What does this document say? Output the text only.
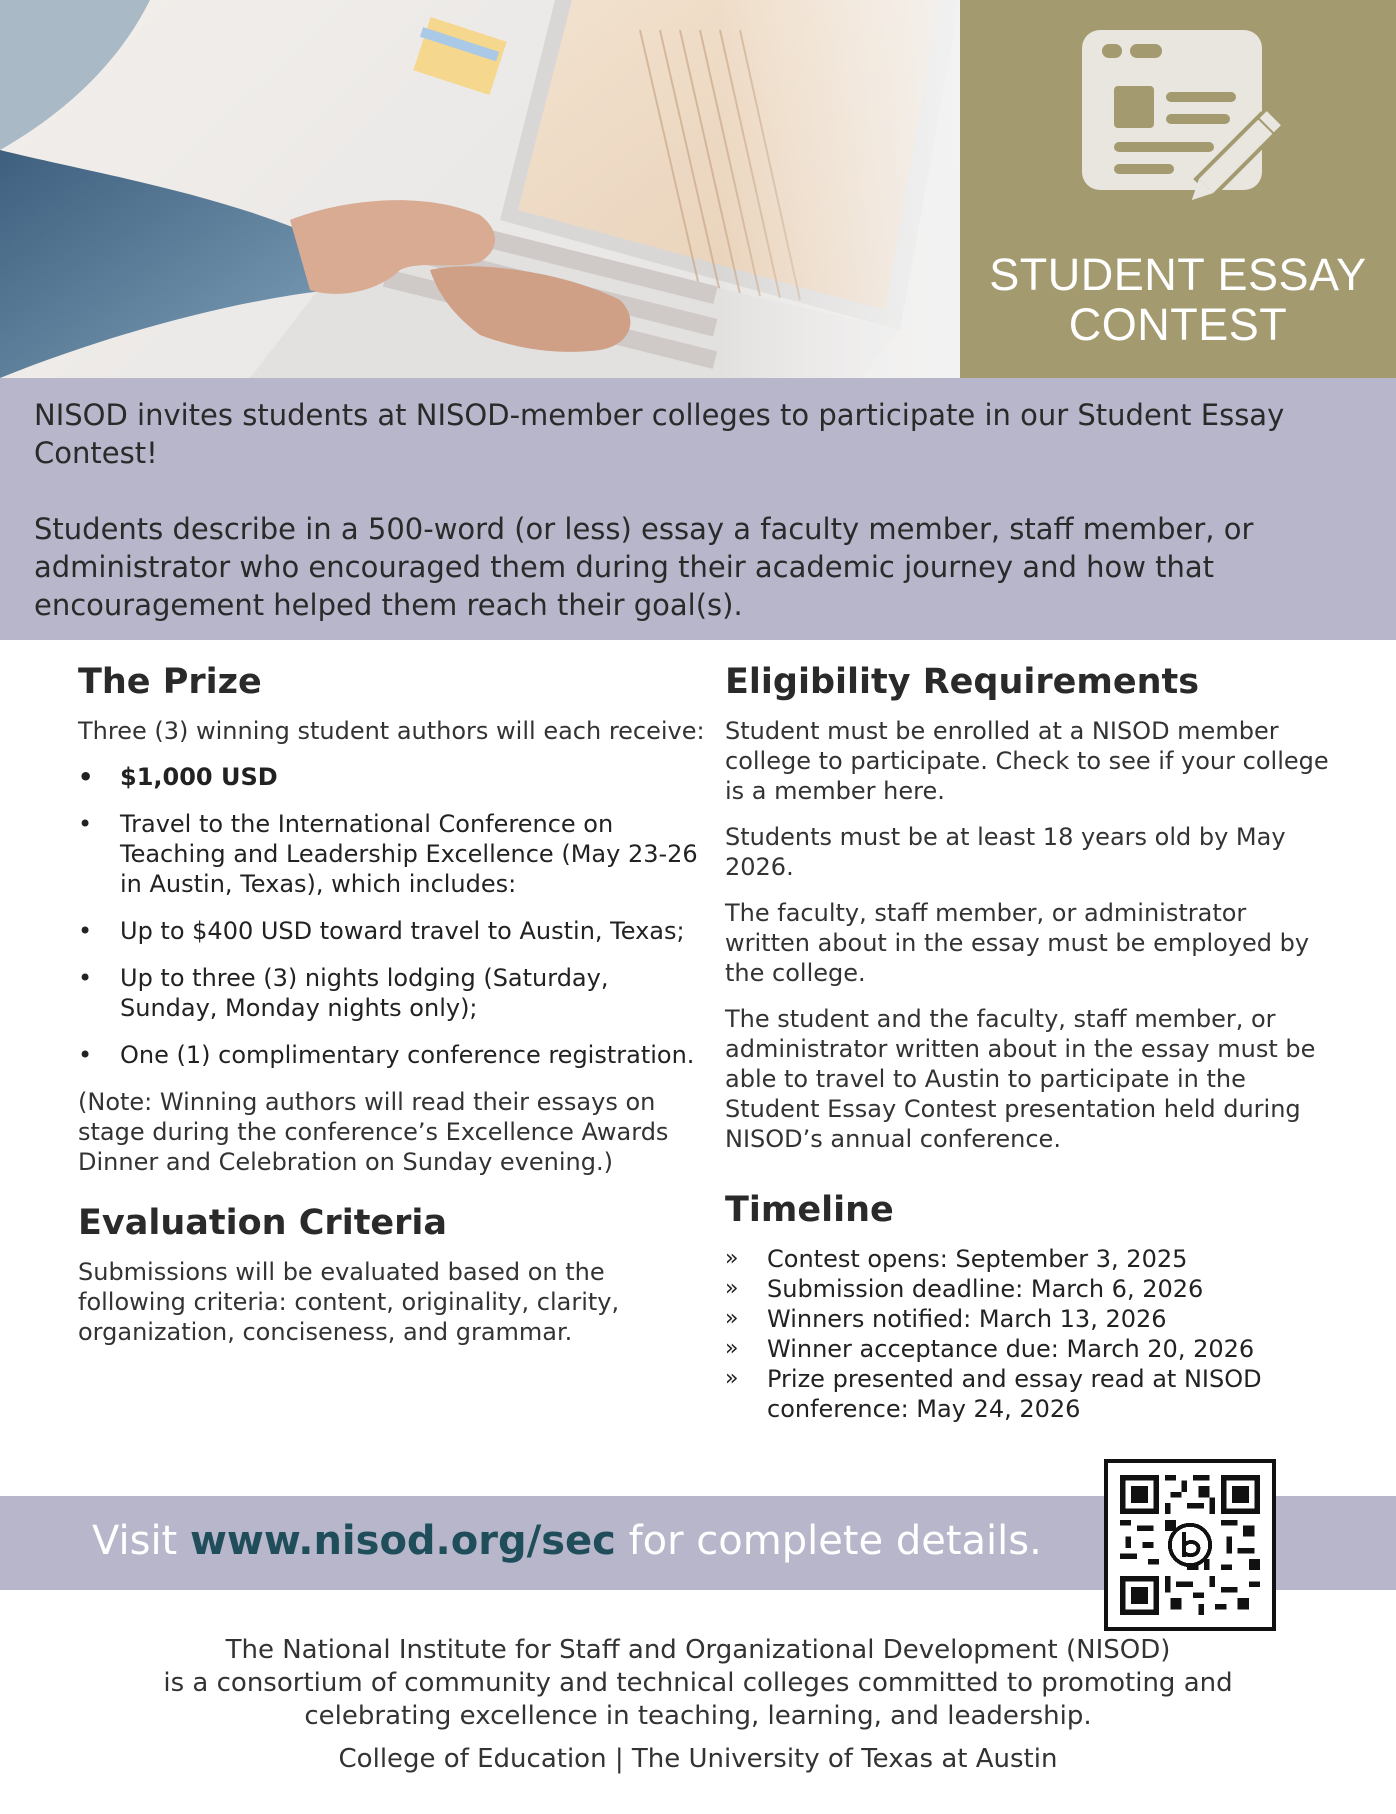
STUDENT ESSAY
CONTEST

NISOD invites students at NISOD-member colleges to participate in our Student Essay Contest!

Students describe in a 500-word (or less) essay a faculty member, staff member, or administrator who encouraged them during their academic journey and how that encouragement helped them reach their goal(s).

The Prize

Three (3) winning student authors will each receive:

• $1,000 USD
• Travel to the International Conference on Teaching and Leadership Excellence (May 23-26 in Austin, Texas), which includes:
• Up to $400 USD toward travel to Austin, Texas;
• Up to three (3) nights lodging (Saturday, Sunday, Monday nights only);
• One (1) complimentary conference registration.

(Note: Winning authors will read their essays on stage during the conference’s Excellence Awards Dinner and Celebration on Sunday evening.)

Evaluation Criteria

Submissions will be evaluated based on the following criteria: content, originality, clarity, organization, conciseness, and grammar.

Eligibility Requirements

Student must be enrolled at a NISOD member college to participate. Check to see if your college is a member here.

Students must be at least 18 years old by May 2026.

The faculty, staff member, or administrator written about in the essay must be employed by the college.

The student and the faculty, staff member, or administrator written about in the essay must be able to travel to Austin to participate in the Student Essay Contest presentation held during NISOD’s annual conference.

Timeline
» Contest opens: September 3, 2025
» Submission deadline: March 6, 2026
» Winners notified: March 13, 2026
» Winner acceptance due: March 20, 2026
» Prize presented and essay read at NISOD conference: May 24, 2026
Visit www.nisod.org/sec for complete details.
The National Institute for Staff and Organizational Development (NISOD)
is a consortium of community and technical colleges committed to promoting and
celebrating excellence in teaching, learning, and leadership.
College of Education | The University of Texas at Austin
